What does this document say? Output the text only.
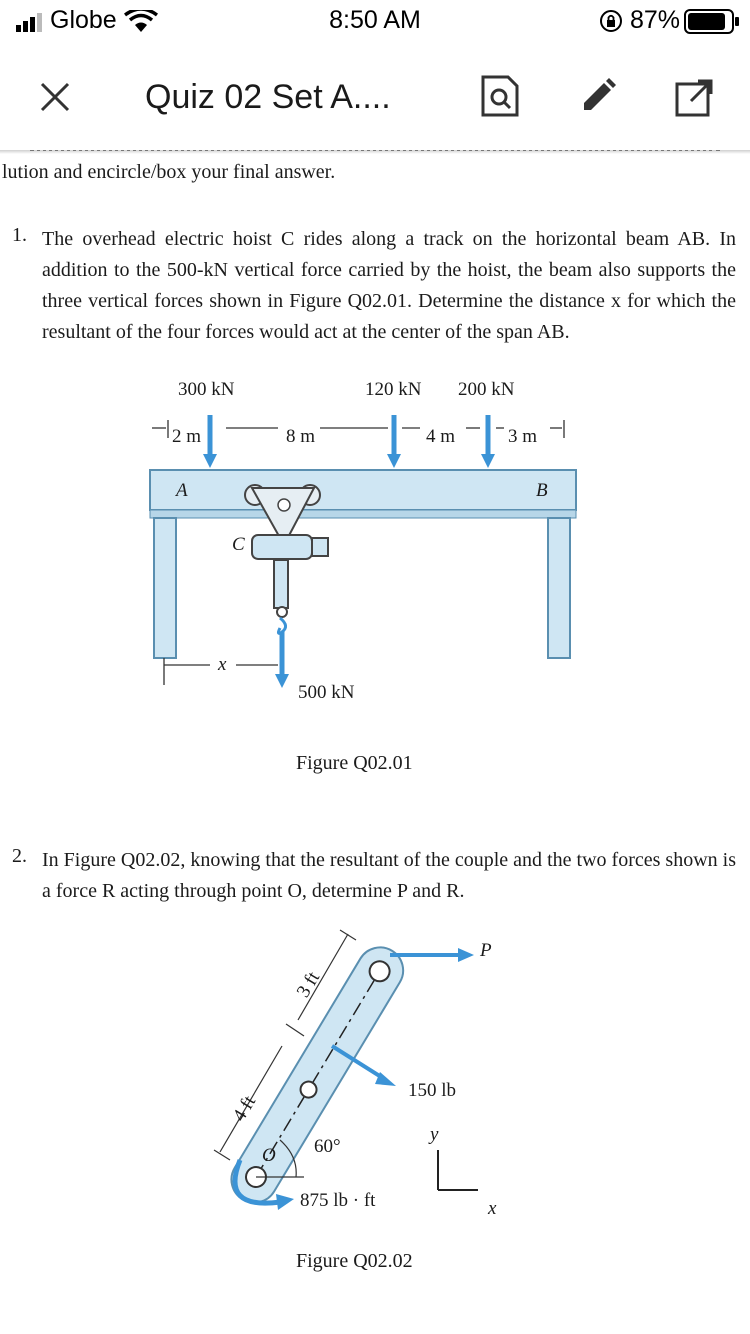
Globe	8:50 AM	87%
Quiz 02 Set A....
lution and encircle/box your final answer.
1. The overhead electric hoist C rides along a track on the horizontal beam AB. In addition to the 500-kN vertical force carried by the hoist, the beam also supports the three vertical forces shown in Figure Q02.01. Determine the distance x for which the resultant of the four forces would act at the center of the span AB.
300 kN	120 kN 200 kN
2 m	8 m	4 m	3 m
A	B
C
x
500 kN
Figure Q02.01
2. In Figure Q02.02, knowing that the resultant of the couple and the two forces shown is a force R acting through point O, determine P and R.
P
3 ft
4 ft
150 lb
60°
O
y
x
875 lb · ft
Figure Q02.02
